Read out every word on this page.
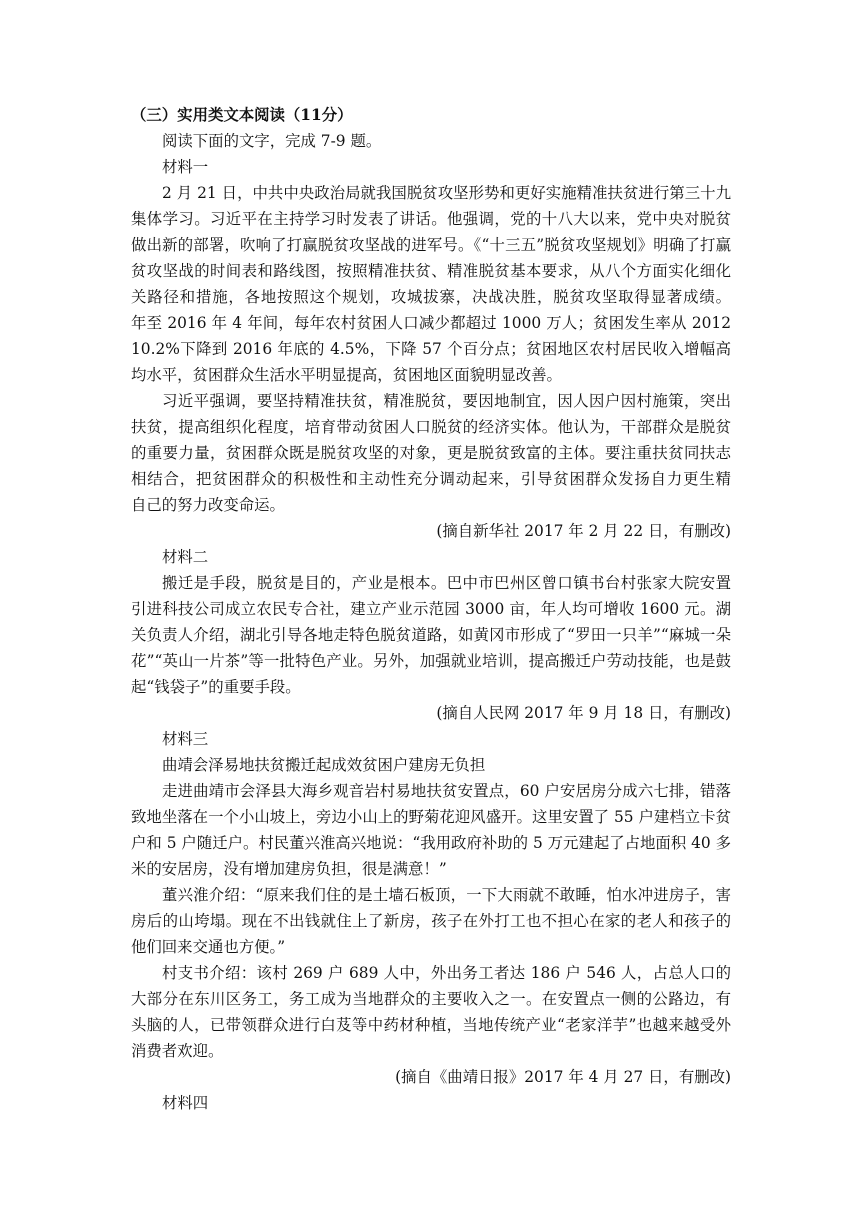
（三）实用类文本阅读（11分）
阅读下面的文字，完成 7-9 题。
材料一
2 月 21 日，中共中央政治局就我国脱贫攻坚形势和更好实施精准扶贫进行第三十九
集体学习。习近平在主持学习时发表了讲话。他强调，党的十八大以来，党中央对脱贫
做出新的部署，吹响了打赢脱贫攻坚战的进军号。《“十三五”脱贫攻坚规划》明确了打赢
贫攻坚战的时间表和路线图，按照精准扶贫、精准脱贫基本要求，从八个方面实化细化
关路径和措施，各地按照这个规划，攻城拔寨，决战决胜，脱贫攻坚取得显著成绩。
年至 2016 年 4 年间，每年农村贫困人口减少都超过 1000 万人；贫困发生率从 2012
10.2%下降到 2016 年底的 4.5%，下降 57 个百分点；贫困地区农村居民收入增幅高
均水平，贫困群众生活水平明显提高，贫困地区面貌明显改善。
习近平强调，要坚持精准扶贫，精准脱贫，要因地制宜，因人因户因村施策，突出
扶贫，提高组织化程度，培育带动贫困人口脱贫的经济实体。他认为，干部群众是脱贫
的重要力量，贫困群众既是脱贫攻坚的对象，更是脱贫致富的主体。要注重扶贫同扶志
相结合，把贫困群众的积极性和主动性充分调动起来，引导贫困群众发扬自力更生精
自己的努力改变命运。
(摘自新华社 2017 年 2 月 22 日，有删改)
材料二
搬迁是手段，脱贫是目的，产业是根本。巴中市巴州区曾口镇书台村张家大院安置
引进科技公司成立农民专合社，建立产业示范园 3000 亩，年人均可增收 1600 元。湖
关负责人介绍，湖北引导各地走特色脱贫道路，如黄冈市形成了“罗田一只羊”“麻城一朵
花”“英山一片茶”等一批特色产业。另外，加强就业培训，提高搬迁户劳动技能，也是鼓
起“钱袋子”的重要手段。
(摘自人民网 2017 年 9 月 18 日，有删改)
材料三
曲靖会泽易地扶贫搬迁起成效贫困户建房无负担
走进曲靖市会泽县大海乡观音岩村易地扶贫安置点，60 户安居房分成六七排，错落
致地坐落在一个小山坡上，旁边小山上的野菊花迎风盛开。这里安置了 55 户建档立卡贫
户和 5 户随迁户。村民董兴淮高兴地说：“我用政府补助的 5 万元建起了占地面积 40 多
米的安居房，没有增加建房负担，很是满意！”
董兴淮介绍：“原来我们住的是土墙石板顶，一下大雨就不敢睡，怕水冲进房子，害
房后的山垮塌。现在不出钱就住上了新房，孩子在外打工也不担心在家的老人和孩子的
他们回来交通也方便。”
村支书介绍：该村 269 户 689 人中，外出务工者达 186 户 546 人，占总人口的
大部分在东川区务工，务工成为当地群众的主要收入之一。在安置点一侧的公路边，有
头脑的人，已带领群众进行白芨等中药材种植，当地传统产业“老家洋芋”也越来越受外
消费者欢迎。
(摘自《曲靖日报》2017 年 4 月 27 日，有删改)
材料四
